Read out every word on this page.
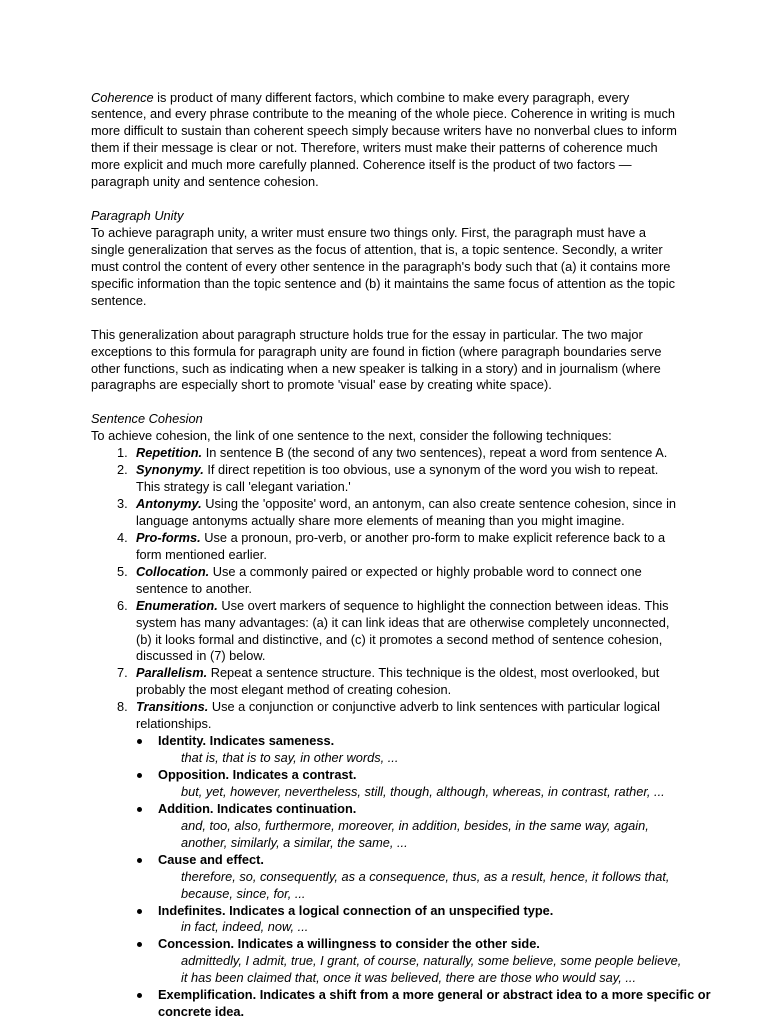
Coherence is product of many different factors, which combine to make every paragraph, every
sentence, and every phrase contribute to the meaning of the whole piece. Coherence in writing is much
more difficult to sustain than coherent speech simply because writers have no nonverbal clues to inform
them if their message is clear or not. Therefore, writers must make their patterns of coherence much
more explicit and much more carefully planned. Coherence itself is the product of two factors —
paragraph unity and sentence cohesion.
Paragraph Unity
To achieve paragraph unity, a writer must ensure two things only. First, the paragraph must have a
single generalization that serves as the focus of attention, that is, a topic sentence. Secondly, a writer
must control the content of every other sentence in the paragraph's body such that (a) it contains more
specific information than the topic sentence and (b) it maintains the same focus of attention as the topic
sentence.
This generalization about paragraph structure holds true for the essay in particular. The two major
exceptions to this formula for paragraph unity are found in fiction (where paragraph boundaries serve
other functions, such as indicating when a new speaker is talking in a story) and in journalism (where
paragraphs are especially short to promote 'visual' ease by creating white space).
Sentence Cohesion
To achieve cohesion, the link of one sentence to the next, consider the following techniques:
1. Repetition. In sentence B (the second of any two sentences), repeat a word from sentence A.
2. Synonymy. If direct repetition is too obvious, use a synonym of the word you wish to repeat.
This strategy is call 'elegant variation.'
3. Antonymy. Using the 'opposite' word, an antonym, can also create sentence cohesion, since in
language antonyms actually share more elements of meaning than you might imagine.
4. Pro-forms. Use a pronoun, pro-verb, or another pro-form to make explicit reference back to a
form mentioned earlier.
5. Collocation. Use a commonly paired or expected or highly probable word to connect one
sentence to another.
6. Enumeration. Use overt markers of sequence to highlight the connection between ideas. This
system has many advantages: (a) it can link ideas that are otherwise completely unconnected,
(b) it looks formal and distinctive, and (c) it promotes a second method of sentence cohesion,
discussed in (7) below.
7. Parallelism. Repeat a sentence structure. This technique is the oldest, most overlooked, but
probably the most elegant method of creating cohesion.
8. Transitions. Use a conjunction or conjunctive adverb to link sentences with particular logical
relationships.
Identity. Indicates sameness.
that is, that is to say, in other words, ...
Opposition. Indicates a contrast.
but, yet, however, nevertheless, still, though, although, whereas, in contrast, rather, ...
Addition. Indicates continuation.
and, too, also, furthermore, moreover, in addition, besides, in the same way, again,
another, similarly, a similar, the same, ...
Cause and effect.
therefore, so, consequently, as a consequence, thus, as a result, hence, it follows that,
because, since, for, ...
Indefinites. Indicates a logical connection of an unspecified type.
in fact, indeed, now, ...
Concession. Indicates a willingness to consider the other side.
admittedly, I admit, true, I grant, of course, naturally, some believe, some people believe,
it has been claimed that, once it was believed, there are those who would say, ...
Exemplification. Indicates a shift from a more general or abstract idea to a more specific or
concrete idea.
